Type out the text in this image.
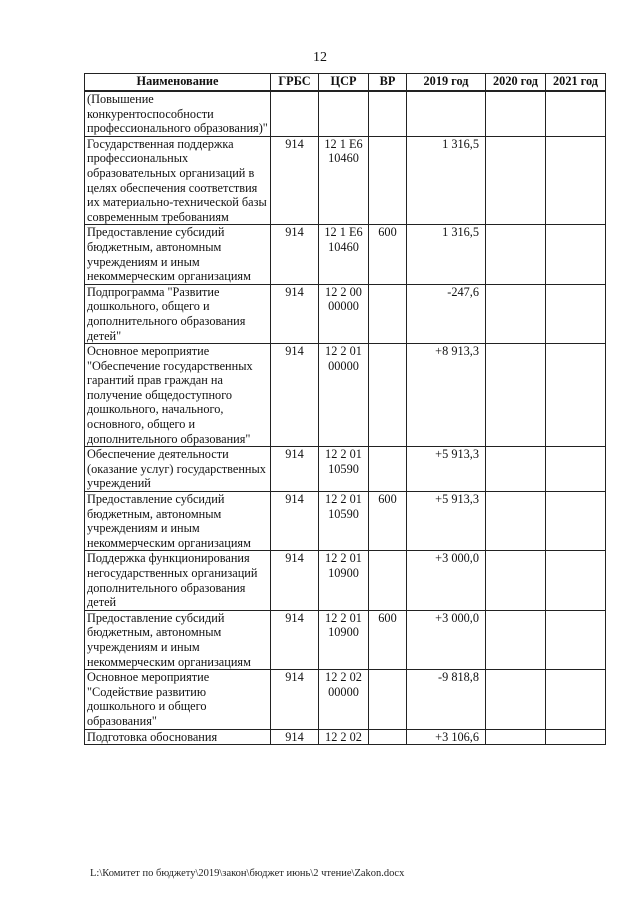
12
Наименование	ГРБС	ЦСР	ВР	2019 год	2020 год	2021 год
(Повышение конкурентоспособности профессионального образования)"						
Государственная поддержка профессиональных образовательных организаций в целях обеспечения соответствия их материально-технической базы современным требованиям	914	12 1 E6 10460		1 316,5		
Предоставление субсидий бюджетным, автономным учреждениям и иным некоммерческим организациям	914	12 1 E6 10460	600	1 316,5		
Подпрограмма "Развитие дошкольного, общего и дополнительного образования детей"	914	12 2 00 00000		-247,6		
Основное мероприятие "Обеспечение государственных гарантий прав граждан на получение общедоступного дошкольного, начального, основного, общего и дополнительного образования"	914	12 2 01 00000		+8 913,3		
Обеспечение деятельности (оказание услуг) государственных учреждений	914	12 2 01 10590		+5 913,3		
Предоставление субсидий бюджетным, автономным учреждениям и иным некоммерческим организациям	914	12 2 01 10590	600	+5 913,3		
Поддержка функционирования негосударственных организаций дополнительного образования детей	914	12 2 01 10900		+3 000,0		
Предоставление субсидий бюджетным, автономным учреждениям и иным некоммерческим организациям	914	12 2 01 10900	600	+3 000,0		
Основное мероприятие "Содействие развитию дошкольного и общего образования"	914	12 2 02 00000		-9 818,8		
Подготовка обоснования	914	12 2 02		+3 106,6		
L:\Комитет по бюджету\2019\закон\бюджет июнь\2 чтение\Zakon.docx
